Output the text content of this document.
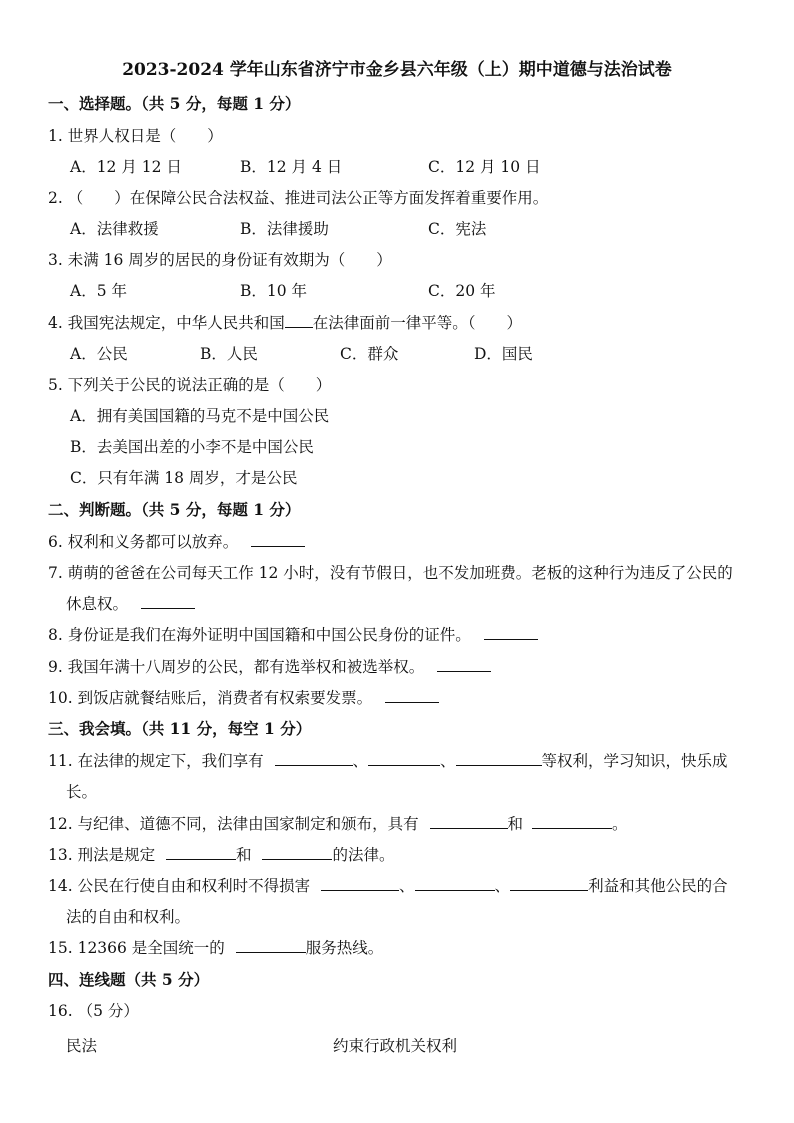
2023-2024 学年山东省济宁市金乡县六年级（上）期中道德与法治试卷
一、选择题。（共 5 分，每题 1 分）
1. 世界人权日是（　　）
A．12 月 12 日	B．12 月 4 日	C．12 月 10 日
2. （　　）在保障公民合法权益、推进司法公正等方面发挥着重要作用。
A．法律救援	B．法律援助	C．宪法
3. 未满 16 周岁的居民的身份证有效期为（　　）
A．5 年	B．10 年	C．20 年
4. 我国宪法规定，中华人民共和国 在法律面前一律平等。（　　）
A．公民	B．人民	C．群众	D．国民
5. 下列关于公民的说法正确的是（　　）
A．拥有美国国籍的马克不是中国公民
B．去美国出差的小李不是中国公民
C．只有年满 18 周岁，才是公民
二、判断题。（共 5 分，每题 1 分）
6. 权利和义务都可以放弃。
7. 萌萌的爸爸在公司每天工作 12 小时，没有节假日，也不发加班费。老板的这种行为违反了公民的
休息权。
8. 身份证是我们在海外证明中国国籍和中国公民身份的证件。
9. 我国年满十八周岁的公民，都有选举权和被选举权。
10. 到饭店就餐结账后，消费者有权索要发票。
三、我会填。（共 11 分，每空 1 分）
11. 在法律的规定下，我们享有	、	、	等权利，学习知识，快乐成
长。
12. 与纪律、道德不同，法律由国家制定和颁布，具有	和	。
13. 刑法是规定	和	的法律。
14. 公民在行使自由和权利时不得损害	、	、	利益和其他公民的合
法的自由和权利。
15. 12366 是全国统一的	服务热线。
四、连线题（共 5 分）
16. （5 分）
民法	约束行政机关权利
